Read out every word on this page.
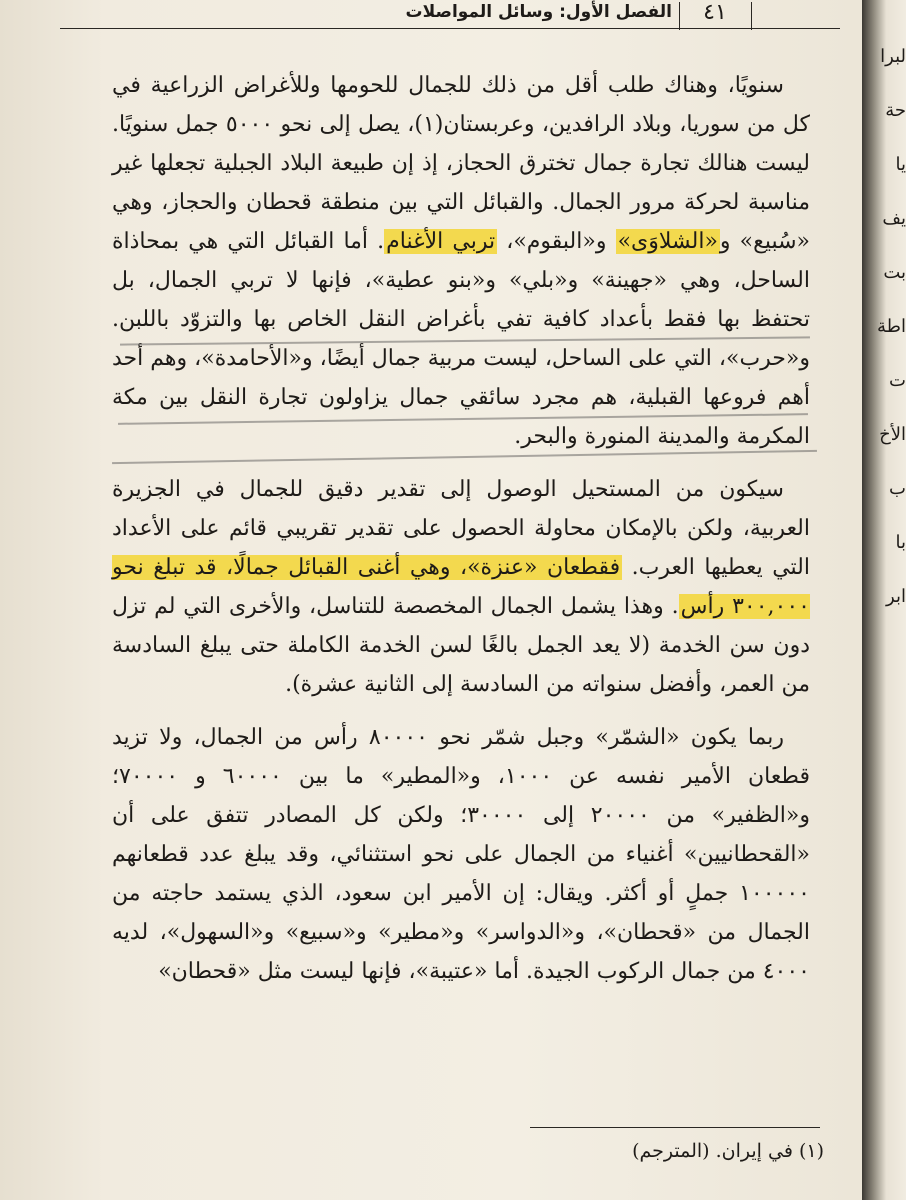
لبرا
حة
يا
يف
بت
اطة
ت
الأخ
ب
با
ابر
٤١
الفصل الأول: وسائل المواصلات

سنويًا، وهناك طلب أقل من ذلك للجمال للحومها وللأغراض الزراعية في كل من سوريا، وبلاد الرافدين، وعربستان(١)، يصل إلى نحو ٥٠٠٠ جمل سنويًا. ليست هنالك تجارة جمال تخترق الحجاز، إذ إن طبيعة البلاد الجبلية تجعلها غير مناسبة لحركة مرور الجمال. والقبائل التي بين منطقة قحطان والحجاز، وهي «سُبيع» و«الشلاوَى» و«البقوم»، تربي الأغنام. أما القبائل التي هي بمحاذاة الساحل، وهي «جهينة» و«بلي» و«بنو عطية»، فإنها لا تربي الجمال، بل تحتفظ بها فقط بأعداد كافية تفي بأغراض النقل الخاص بها والتزوّد باللبن. و«حرب»، التي على الساحل، ليست مربية جمال أيضًا، و«الأحامدة»، وهم أحد أهم فروعها القبلية، هم مجرد سائقي جمال يزاولون تجارة النقل بين مكة المكرمة والمدينة المنورة والبحر.

سيكون من المستحيل الوصول إلى تقدير دقيق للجمال في الجزيرة العربية، ولكن بالإمكان محاولة الحصول على تقدير تقريبي قائم على الأعداد التي يعطيها العرب. فقطعان «عنزة»، وهي أغنى القبائل جمالًا، قد تبلغ نحو ٣٠٠,٠٠٠ رأس. وهذا يشمل الجمال المخصصة للتناسل، والأخرى التي لم تزل دون سن الخدمة (لا يعد الجمل بالغًا لسن الخدمة الكاملة حتى يبلغ السادسة من العمر، وأفضل سنواته من السادسة إلى الثانية عشرة).

ربما يكون «الشمّر» وجبل شمّر نحو ٨٠٠٠٠ رأس من الجمال، ولا تزيد قطعان الأمير نفسه عن ١٠٠٠، و«المطير» ما بين ٦٠٠٠٠ و ٧٠٠٠٠؛ و«الظفير» من ٢٠٠٠٠ إلى ٣٠٠٠٠؛ ولكن كل المصادر تتفق على أن «القحطانيين» أغنياء من الجمال على نحو استثنائي، وقد يبلغ عدد قطعانهم ١٠٠٠٠٠ جملٍ أو أكثر. ويقال: إن الأمير ابن سعود، الذي يستمد حاجته من الجمال من «قحطان»، و«الدواسر» و«مطير» و«سبيع» و«السهول»، لديه ٤٠٠٠ من جمال الركوب الجيدة. أما «عتيبة»، فإنها ليست مثل «قحطان»

(١) في إيران. (المترجم)
